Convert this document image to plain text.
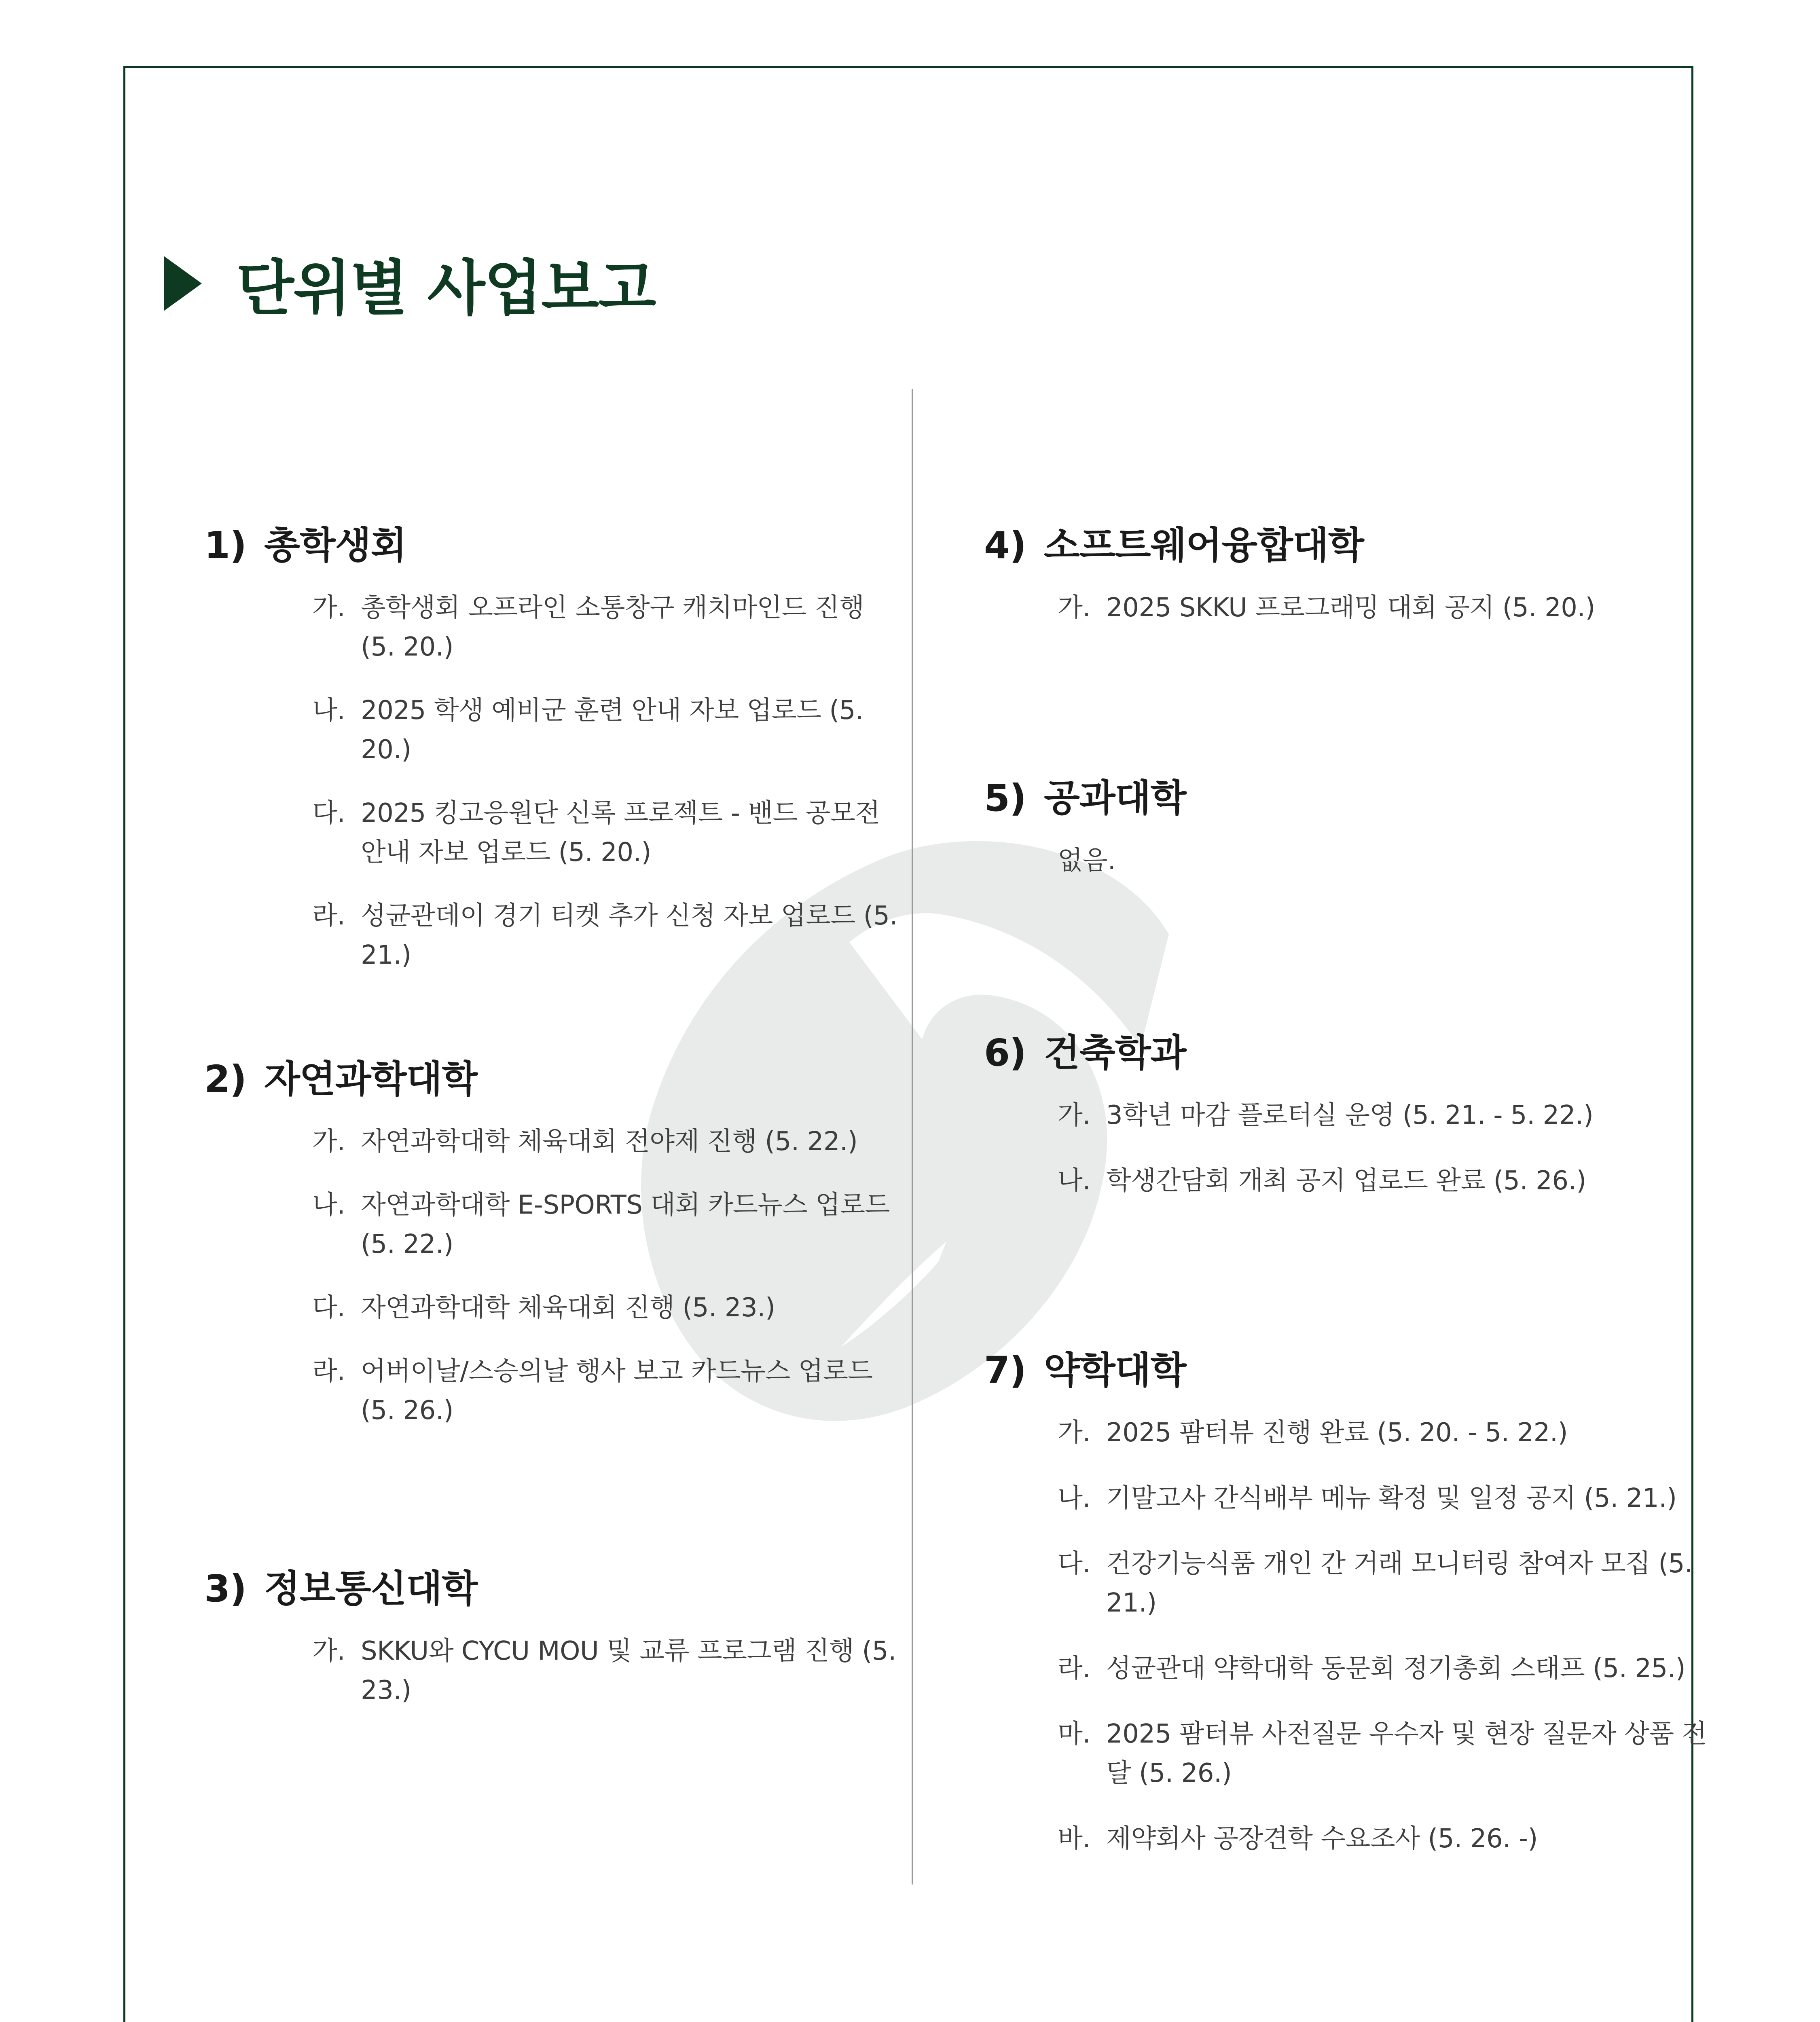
단위별 사업보고
1) 총학생회
가. 총학생회 오프라인 소통창구 캐치마인드 진행 (5. 20.)
나. 2025 학생 예비군 훈련 안내 자보 업로드 (5. 20.)
다. 2025 킹고응원단 신록 프로젝트 - 밴드 공모전 안내 자보 업로드 (5. 20.)
라. 성균관데이 경기 티켓 추가 신청 자보 업로드 (5. 21.)
2) 자연과학대학
가. 자연과학대학 체육대회 전야제 진행 (5. 22.)
나. 자연과학대학 E-SPORTS 대회 카드뉴스 업로드 (5. 22.)
다. 자연과학대학 체육대회 진행 (5. 23.)
라. 어버이날/스승의날 행사 보고 카드뉴스 업로드 (5. 26.)
3) 정보통신대학
가. SKKU와 CYCU MOU 및 교류 프로그램 진행 (5. 23.)
4) 소프트웨어융합대학
가. 2025 SKKU 프로그래밍 대회 공지 (5. 20.)
5) 공과대학
없음.
6) 건축학과
가. 3학년 마감 플로터실 운영 (5. 21. - 5. 22.)
나. 학생간담회 개최 공지 업로드 완료 (5. 26.)
7) 약학대학
가. 2025 팜터뷰 진행 완료 (5. 20. - 5. 22.)
나. 기말고사 간식배부 메뉴 확정 및 일정 공지 (5. 21.)
다. 건강기능식품 개인 간 거래 모니터링 참여자 모집 (5. 21.)
라. 성균관대 약학대학 동문회 정기총회 스태프 (5. 25.)
마. 2025 팜터뷰 사전질문 우수자 및 현장 질문자 상품 전달 (5. 26.)
바. 제약회사 공장견학 수요조사 (5. 26. -)
